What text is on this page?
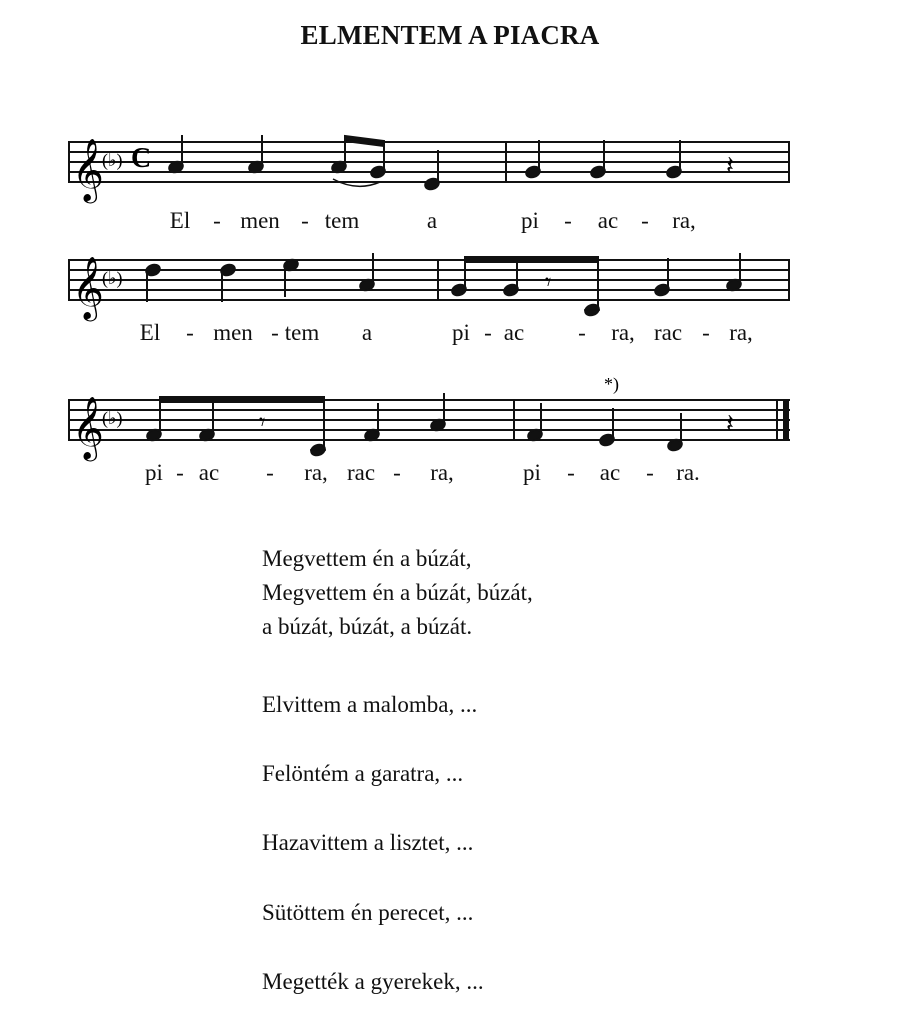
ELMENTEM A PIACRA
𝄞
(♭) C	𝄽
El - men - tem	a	pi - ac - ra,
𝄞
(♭)	𝄾
El - men - tem a	pi - ac - ra, rac - ra,
𝄞
(♭)
*)
𝄾	𝄽
pi - ac - ra, rac - ra,	pi - ac - ra.
Megvettem én a búzát,
Megvettem én a búzát, búzát,
a búzát, búzát, a búzát.
Elvittem a malomba, ...
Felöntém a garatra, ...
Hazavittem a lisztet, ...
Sütöttem én perecet, ...
Megették a gyerekek, ...
